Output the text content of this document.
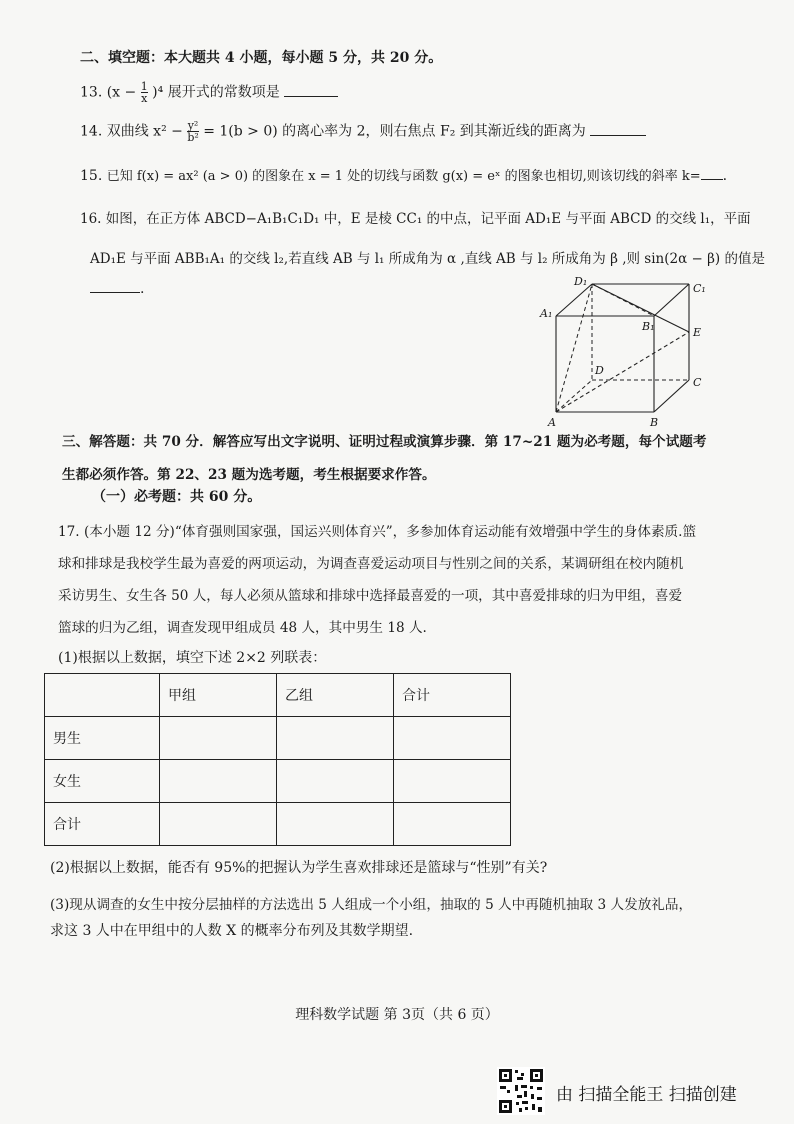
二、填空题：本大题共 4 小题，每小题 5 分，共 20 分。
13. $(x - \frac{1}{x} )^4$ 展开式的常数项是
14. 双曲线 $x^2 - \frac{\text{y²}}{\text{b²}} = 1(b > 0)$ 的离心率为 2，则右焦点 F₂ 到其渐近线的距离为
15. 已知 f(x) = ax² (a > 0) 的图象在 x = 1 处的切线与函数 g(x) = eˣ 的图象也相切,则该切线的斜率 k= .
16. 如图，在正方体 ABCD−A₁B₁C₁D₁ 中，E 是棱 CC₁ 的中点，记平面 AD₁E 与平面 ABCD 的交线 l₁，平面
AD₁E 与平面 ABB₁A₁ 的交线 l₂,若直线 AB 与 l₁ 所成角为 α ,直线 AB 与 l₂ 所成角为 β ,则 sin(2α − β) 的值是
.	D₁
C₁
A₁
B₁	E
D
C
A	B
三、解答题：共 70 分．解答应写出文字说明、证明过程或演算步骤．第 17~21 题为必考题，每个试题考
生都必须作答。第 22、23 题为选考题，考生根据要求作答。
（一）必考题：共 60 分。
17. (本小题 12 分)“体育强则国家强，国运兴则体育兴”，多参加体育运动能有效增强中学生的身体素质.篮
球和排球是我校学生最为喜爱的两项运动，为调查喜爱运动项目与性别之间的关系，某调研组在校内随机
采访男生、女生各 50 人，每人必须从篮球和排球中选择最喜爱的一项，其中喜爱排球的归为甲组，喜爱
篮球的归为乙组，调查发现甲组成员 48 人，其中男生 18 人.
(1)根据以上数据，填空下述 2×2 列联表：
	甲组	乙组	合计
男生			
女生			
合计			
(2)根据以上数据，能否有 95%的把握认为学生喜欢排球还是篮球与“性别”有关?
(3)现从调查的女生中按分层抽样的方法选出 5 人组成一个小组，抽取的 5 人中再随机抽取 3 人发放礼品，
求这 3 人中在甲组中的人数 X 的概率分布列及其数学期望.
理科数学试题 第 3页（共 6 页）
由 扫描全能王 扫描创建
